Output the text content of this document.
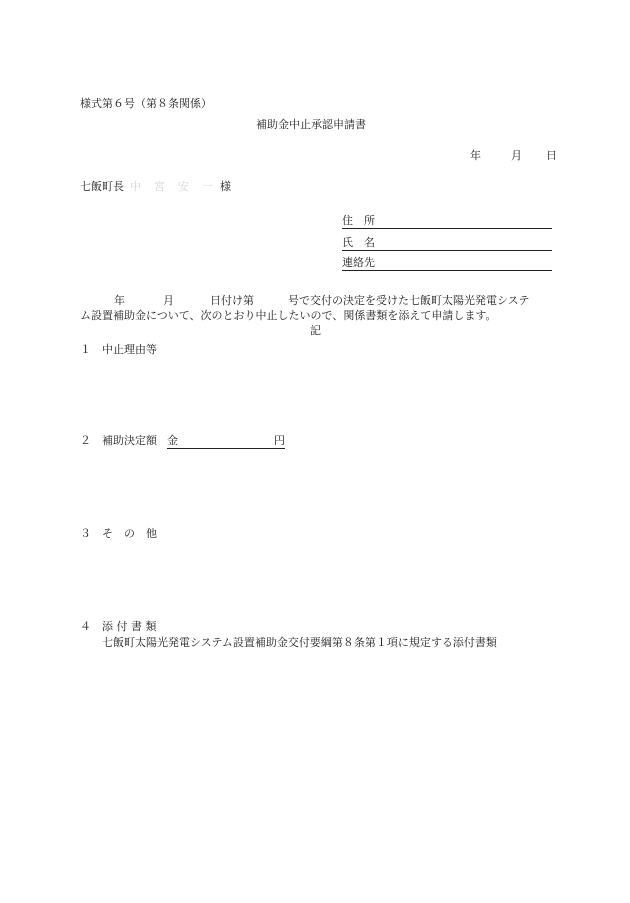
様式第６号（第８条関係）
補助金中止承認申請書
年	月 日
七飯町長 中　宮　安　一 様
住　所
氏　名
連絡先
年	月	日付け第	号で交付の決定を受けた七飯町太陽光発電システ
ム設置補助金について、次のとおり中止したいので、関係書類を添えて申請します。
記
１ 中止理由等
２ 補助決定額 金	円
３ そ　の　他
４ 添 付 書 類
七飯町太陽光発電システム設置補助金交付要綱第８条第１項に規定する添付書類
